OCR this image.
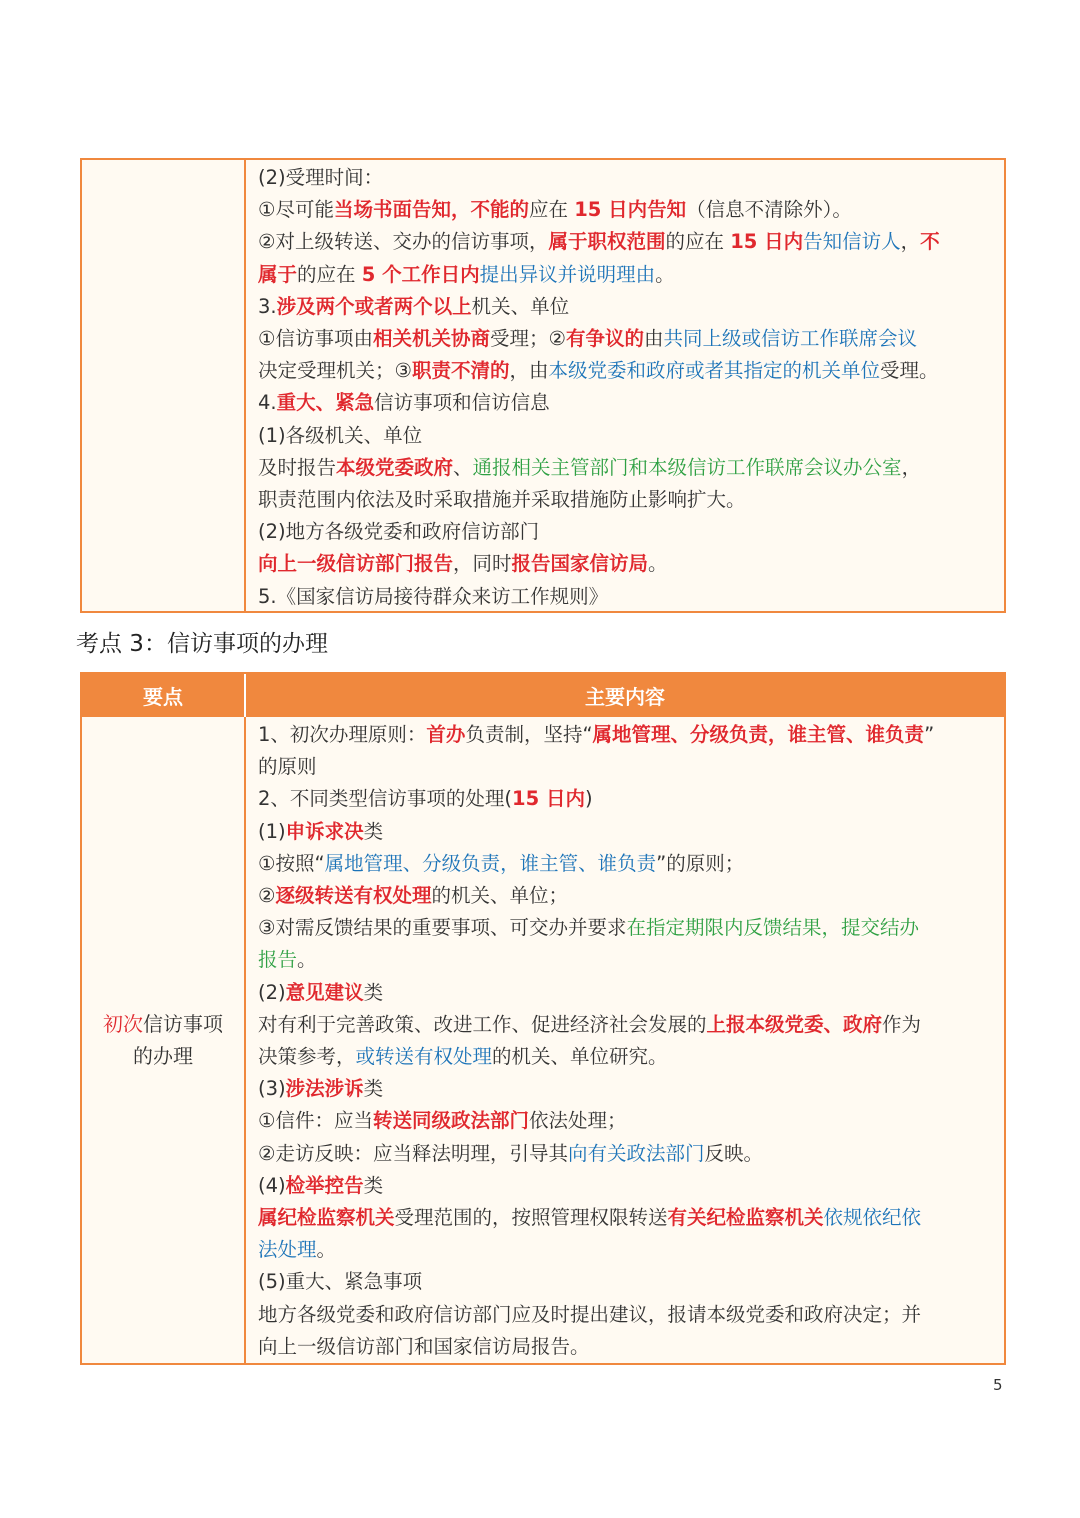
(2)受理时间：
①尽可能当场书面告知，不能的应在 15 日内告知（信息不清除外）。
②对上级转送、交办的信访事项，属于职权范围的应在 15 日内告知信访人，不
属于的应在 5 个工作日内提出异议并说明理由。
3.涉及两个或者两个以上机关、单位
①信访事项由相关机关协商受理；②有争议的由共同上级或信访工作联席会议
决定受理机关；③职责不清的，由本级党委和政府或者其指定的机关单位受理。
4.重大、紧急信访事项和信访信息
(1)各级机关、单位
及时报告本级党委政府、通报相关主管部门和本级信访工作联席会议办公室，
职责范围内依法及时采取措施并采取措施防止影响扩大。
(2)地方各级党委和政府信访部门
向上一级信访部门报告，同时报告国家信访局。
5.《国家信访局接待群众来访工作规则》
考点 3：信访事项的办理
要点	主要内容
初次信访事项
的办理
1、初次办理原则：首办负责制，坚持“属地管理、分级负责，谁主管、谁负责”
的原则
2、不同类型信访事项的处理(15 日内)
(1)申诉求决类
①按照“属地管理、分级负责，谁主管、谁负责”的原则；
②逐级转送有权处理的机关、单位；
③对需反馈结果的重要事项、可交办并要求在指定期限内反馈结果，提交结办
报告。
(2)意见建议类
对有利于完善政策、改进工作、促进经济社会发展的上报本级党委、政府作为
决策参考，或转送有权处理的机关、单位研究。
(3)涉法涉诉类
①信件：应当转送同级政法部门依法处理；
②走访反映：应当释法明理，引导其向有关政法部门反映。
(4)检举控告类
属纪检监察机关受理范围的，按照管理权限转送有关纪检监察机关依规依纪依
法处理。
(5)重大、紧急事项
地方各级党委和政府信访部门应及时提出建议，报请本级党委和政府决定；并
向上一级信访部门和国家信访局报告。
5
